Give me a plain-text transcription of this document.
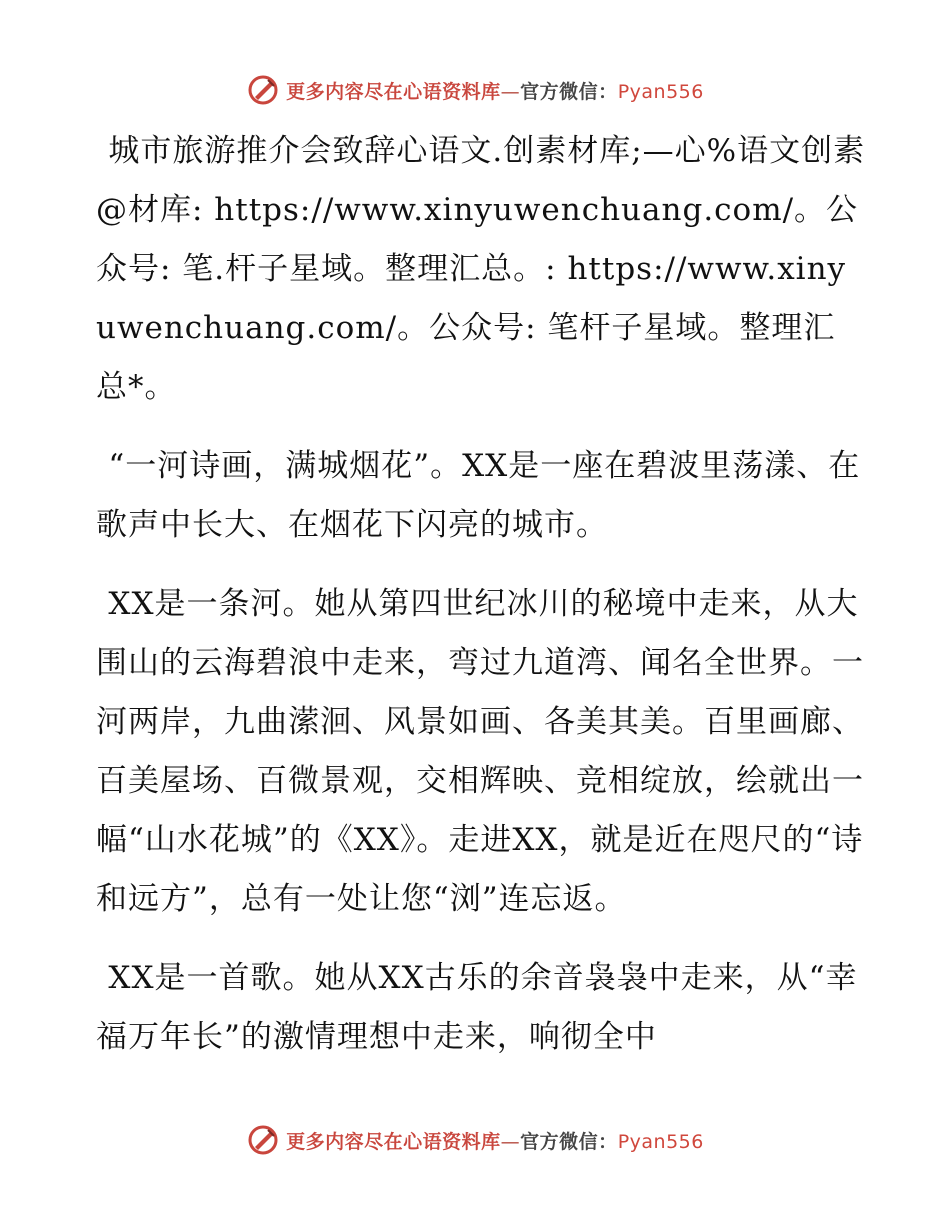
更多内容尽在心语资料库—官方微信：Pyan556

城市旅游推介会致辞心语文.创素材库;—心%语文创素@材库: https://www.xinyuwenchuang.com/。公众号: 笔.杆子星域。整理汇总。: https://www.xinyuwenchuang.com/。公众号: 笔杆子星域。整理汇总*。

“一河诗画，满城烟花”。XX是一座在碧波里荡漾、在歌声中长大、在烟花下闪亮的城市。

XX是一条河。她从第四世纪冰川的秘境中走来，从大围山的云海碧浪中走来，弯过九道湾、闻名全世界。一河两岸，九曲潆洄、风景如画、各美其美。百里画廊、百美屋场、百微景观，交相辉映、竞相绽放，绘就出一幅“山水花城”的《XX》。走进XX，就是近在咫尺的“诗和远方”，总有一处让您“浏”连忘返。

XX是一首歌。她从XX古乐的余音袅袅中走来，从“幸福万年长”的激情理想中走来，响彻全中

更多内容尽在心语资料库—官方微信：Pyan556
